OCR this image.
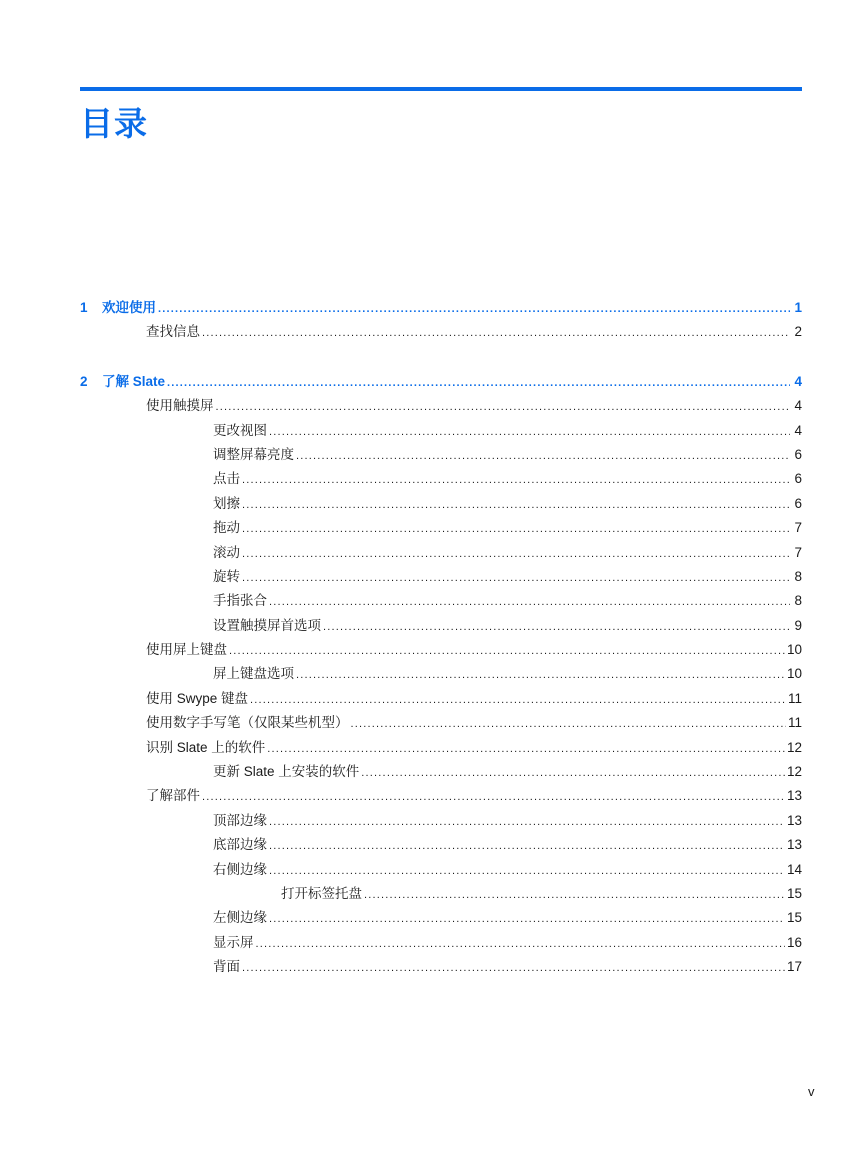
目录
1	欢迎使用 .....	1
查找信息 .....	2
2	了解 Slate .....	4
使用触摸屏 .....	4
更改视图 .....	4
调整屏幕亮度 .....	6
点击 .....	6
划擦 .....	6
拖动 .....	7
滚动 .....	7
旋转 .....	8
手指张合 .....	8
设置触摸屏首选项 .....	9
使用屏上键盘 .....	10
屏上键盘选项 .....	10
使用 Swype 键盘 .....	11
使用数字手写笔（仅限某些机型） .....	11
识别 Slate 上的软件 .....	12
更新 Slate 上安装的软件 .....	12
了解部件 .....	13
顶部边缘 .....	13
底部边缘 .....	13
右侧边缘 .....	14
打开标签托盘 .....	15
左侧边缘 .....	15
显示屏 .....	16
背面 .....	17
v
